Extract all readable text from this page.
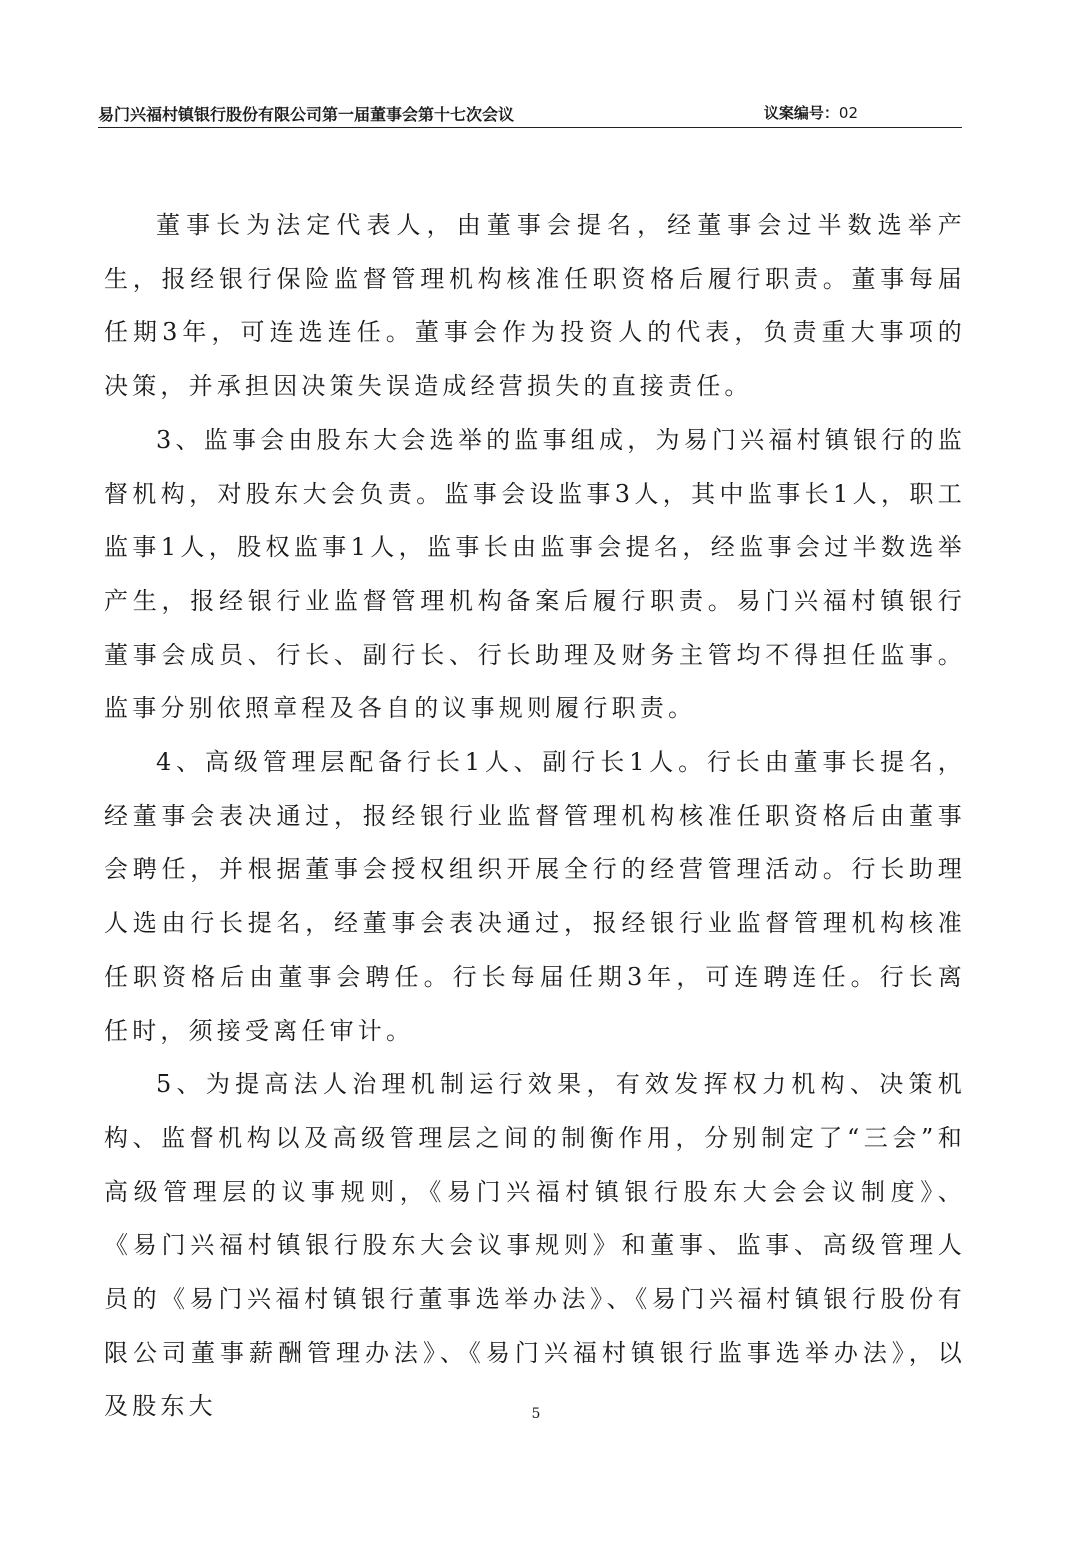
易门兴福村镇银行股份有限公司第一届董事会第十七次会议	议案编号：02

董事长为法定代表人，由董事会提名，经董事会过半数选举产生，报经银行保险监督管理机构核准任职资格后履行职责。董事每届任期3年，可连选连任。董事会作为投资人的代表，负责重大事项的决策，并承担因决策失误造成经营损失的直接责任。

3、监事会由股东大会选举的监事组成，为易门兴福村镇银行的监督机构，对股东大会负责。监事会设监事3人，其中监事长1人，职工监事1人，股权监事1人，监事长由监事会提名，经监事会过半数选举产生，报经银行业监督管理机构备案后履行职责。易门兴福村镇银行董事会成员、行长、副行长、行长助理及财务主管均不得担任监事。监事分别依照章程及各自的议事规则履行职责。

4、高级管理层配备行长1人、副行长1人。行长由董事长提名，经董事会表决通过，报经银行业监督管理机构核准任职资格后由董事会聘任，并根据董事会授权组织开展全行的经营管理活动。行长助理人选由行长提名，经董事会表决通过，报经银行业监督管理机构核准任职资格后由董事会聘任。行长每届任期3年，可连聘连任。行长离任时，须接受离任审计。

5、为提高法人治理机制运行效果，有效发挥权力机构、决策机构、监督机构以及高级管理层之间的制衡作用，分别制定了“三会”和高级管理层的议事规则，《易门兴福村镇银行股东大会会议制度》、《易门兴福村镇银行股东大会议事规则》和董事、监事、高级管理人员的《易门兴福村镇银行董事选举办法》、《易门兴福村镇银行股份有限公司董事薪酬管理办法》、《易门兴福村镇银行监事选举办法》，以及股东大	5
